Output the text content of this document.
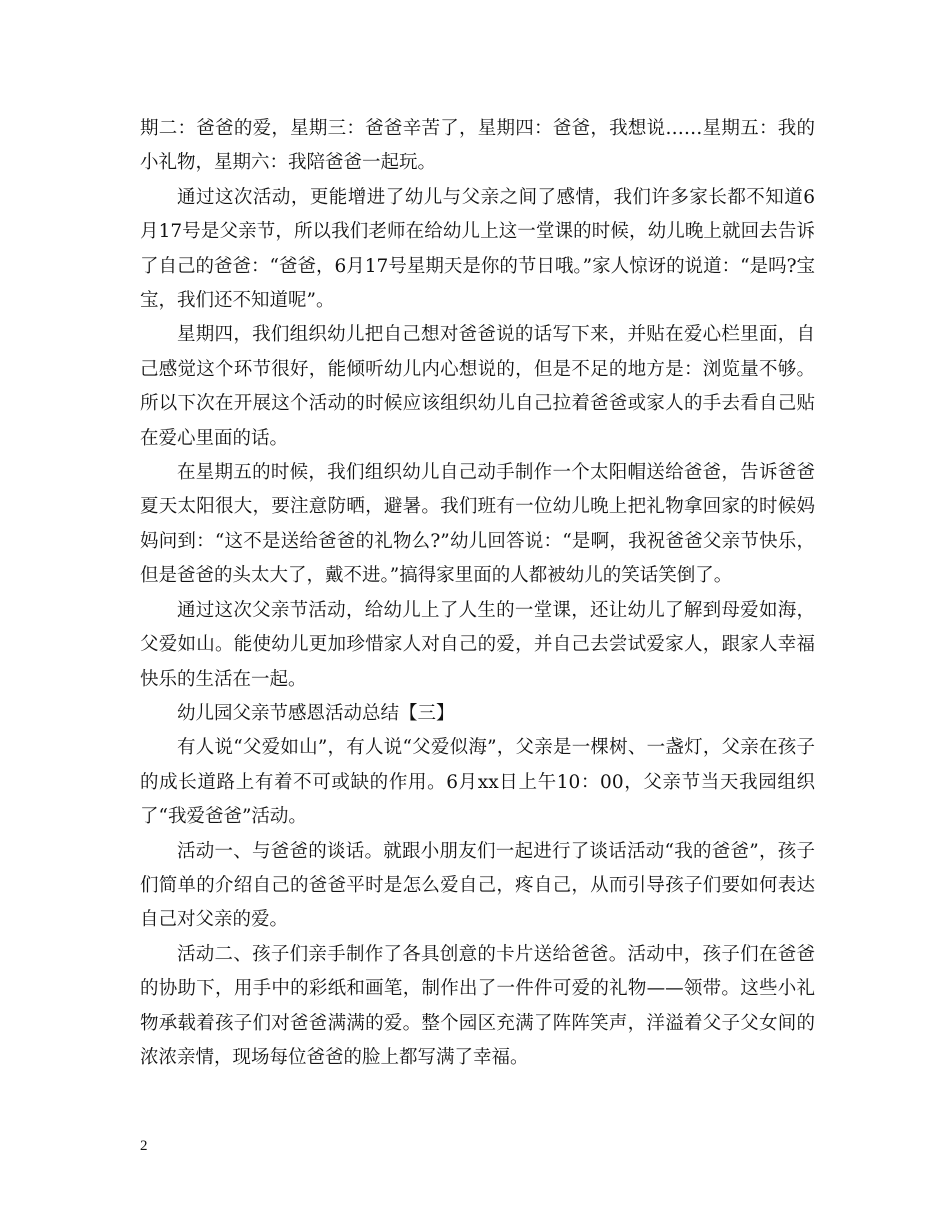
期二：爸爸的爱，星期三：爸爸辛苦了，星期四：爸爸，我想说……星期五：我的小礼物，星期六：我陪爸爸一起玩。

通过这次活动，更能增进了幼儿与父亲之间了感情，我们许多家长都不知道6月17号是父亲节，所以我们老师在给幼儿上这一堂课的时候，幼儿晚上就回去告诉了自己的爸爸：“爸爸，6月17号星期天是你的节日哦。”家人惊讶的说道：“是吗?宝宝，我们还不知道呢”。

星期四，我们组织幼儿把自己想对爸爸说的话写下来，并贴在爱心栏里面，自己感觉这个环节很好，能倾听幼儿内心想说的，但是不足的地方是：浏览量不够。所以下次在开展这个活动的时候应该组织幼儿自己拉着爸爸或家人的手去看自己贴在爱心里面的话。

在星期五的时候，我们组织幼儿自己动手制作一个太阳帽送给爸爸，告诉爸爸夏天太阳很大，要注意防晒，避暑。我们班有一位幼儿晚上把礼物拿回家的时候妈妈问到：“这不是送给爸爸的礼物么?”幼儿回答说：“是啊，我祝爸爸父亲节快乐，但是爸爸的头太大了，戴不进。”搞得家里面的人都被幼儿的笑话笑倒了。

通过这次父亲节活动，给幼儿上了人生的一堂课，还让幼儿了解到母爱如海，父爱如山。能使幼儿更加珍惜家人对自己的爱，并自己去尝试爱家人，跟家人幸福快乐的生活在一起。

幼儿园父亲节感恩活动总结【三】

有人说“父爱如山”，有人说“父爱似海”，父亲是一棵树、一盏灯，父亲在孩子的成长道路上有着不可或缺的作用。6月xx日上午10：00，父亲节当天我园组织了“我爱爸爸”活动。

活动一、与爸爸的谈话。就跟小朋友们一起进行了谈话活动“我的爸爸”，孩子们简单的介绍自己的爸爸平时是怎么爱自己，疼自己，从而引导孩子们要如何表达自己对父亲的爱。

活动二、孩子们亲手制作了各具创意的卡片送给爸爸。活动中，孩子们在爸爸的协助下，用手中的彩纸和画笔，制作出了一件件可爱的礼物——领带。这些小礼物承载着孩子们对爸爸满满的爱。整个园区充满了阵阵笑声，洋溢着父子父女间的浓浓亲情，现场每位爸爸的脸上都写满了幸福。

2
